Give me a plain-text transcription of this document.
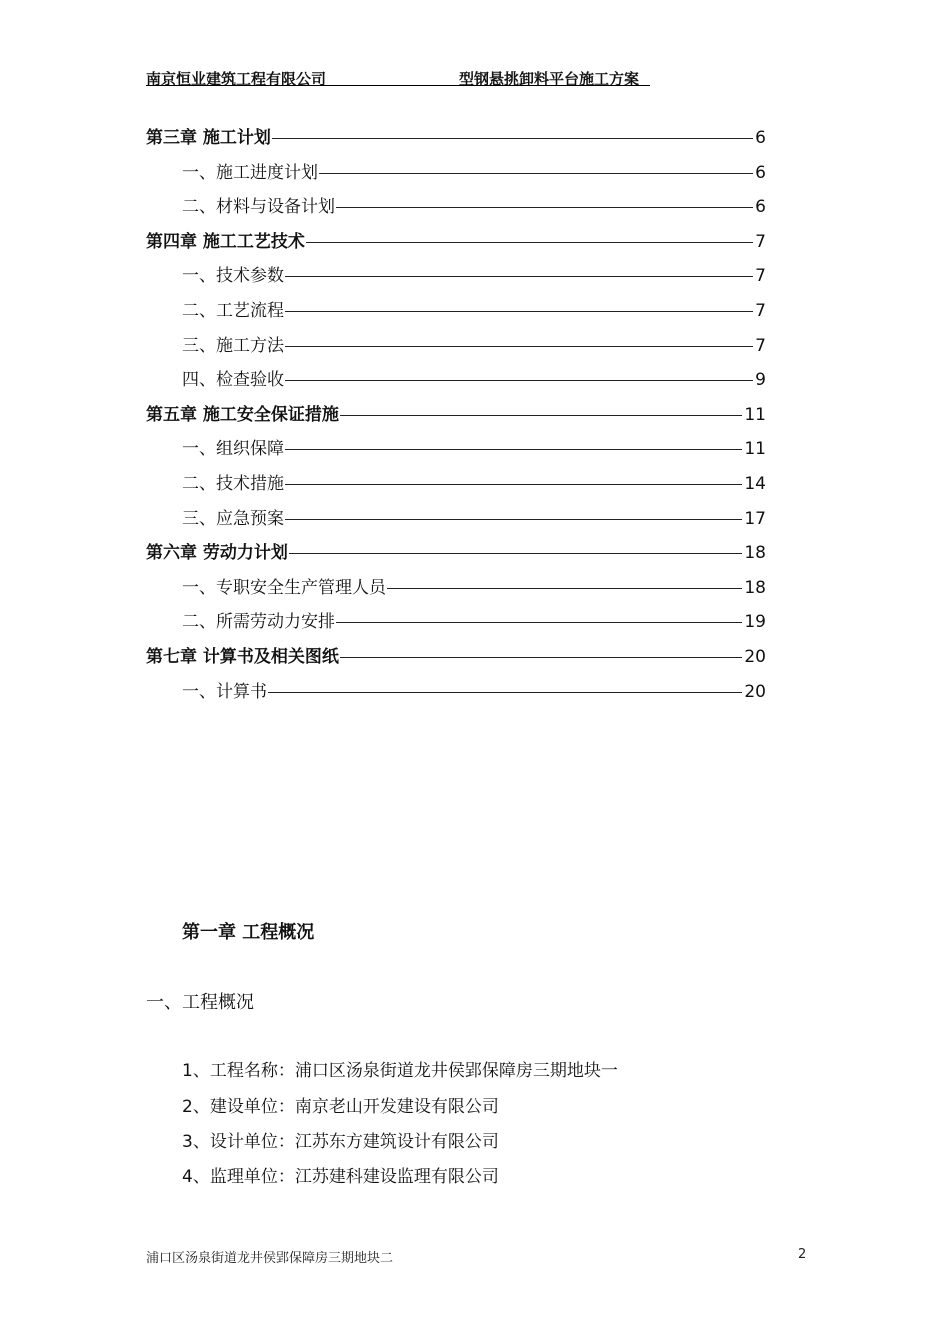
南京恒业建筑工程有限公司	型钢悬挑卸料平台施工方案
第三章 施工计划	6
一、施工进度计划	6
二、材料与设备计划	6
第四章 施工工艺技术	7
一、技术参数	7
二、工艺流程	7
三、施工方法	7
四、检查验收	9
第五章 施工安全保证措施	11
一、组织保障	11
二、技术措施	14
三、应急预案	17
第六章 劳动力计划	18
一、专职安全生产管理人员	18
二、所需劳动力安排	19
第七章 计算书及相关图纸	20
一、计算书	20
第一章 工程概况
一、工程概况
1、工程名称：浦口区汤泉街道龙井侯郢保障房三期地块一
2、建设单位：南京老山开发建设有限公司
3、设计单位：江苏东方建筑设计有限公司
4、监理单位：江苏建科建设监理有限公司
浦口区汤泉街道龙井侯郢保障房三期地块二	2
